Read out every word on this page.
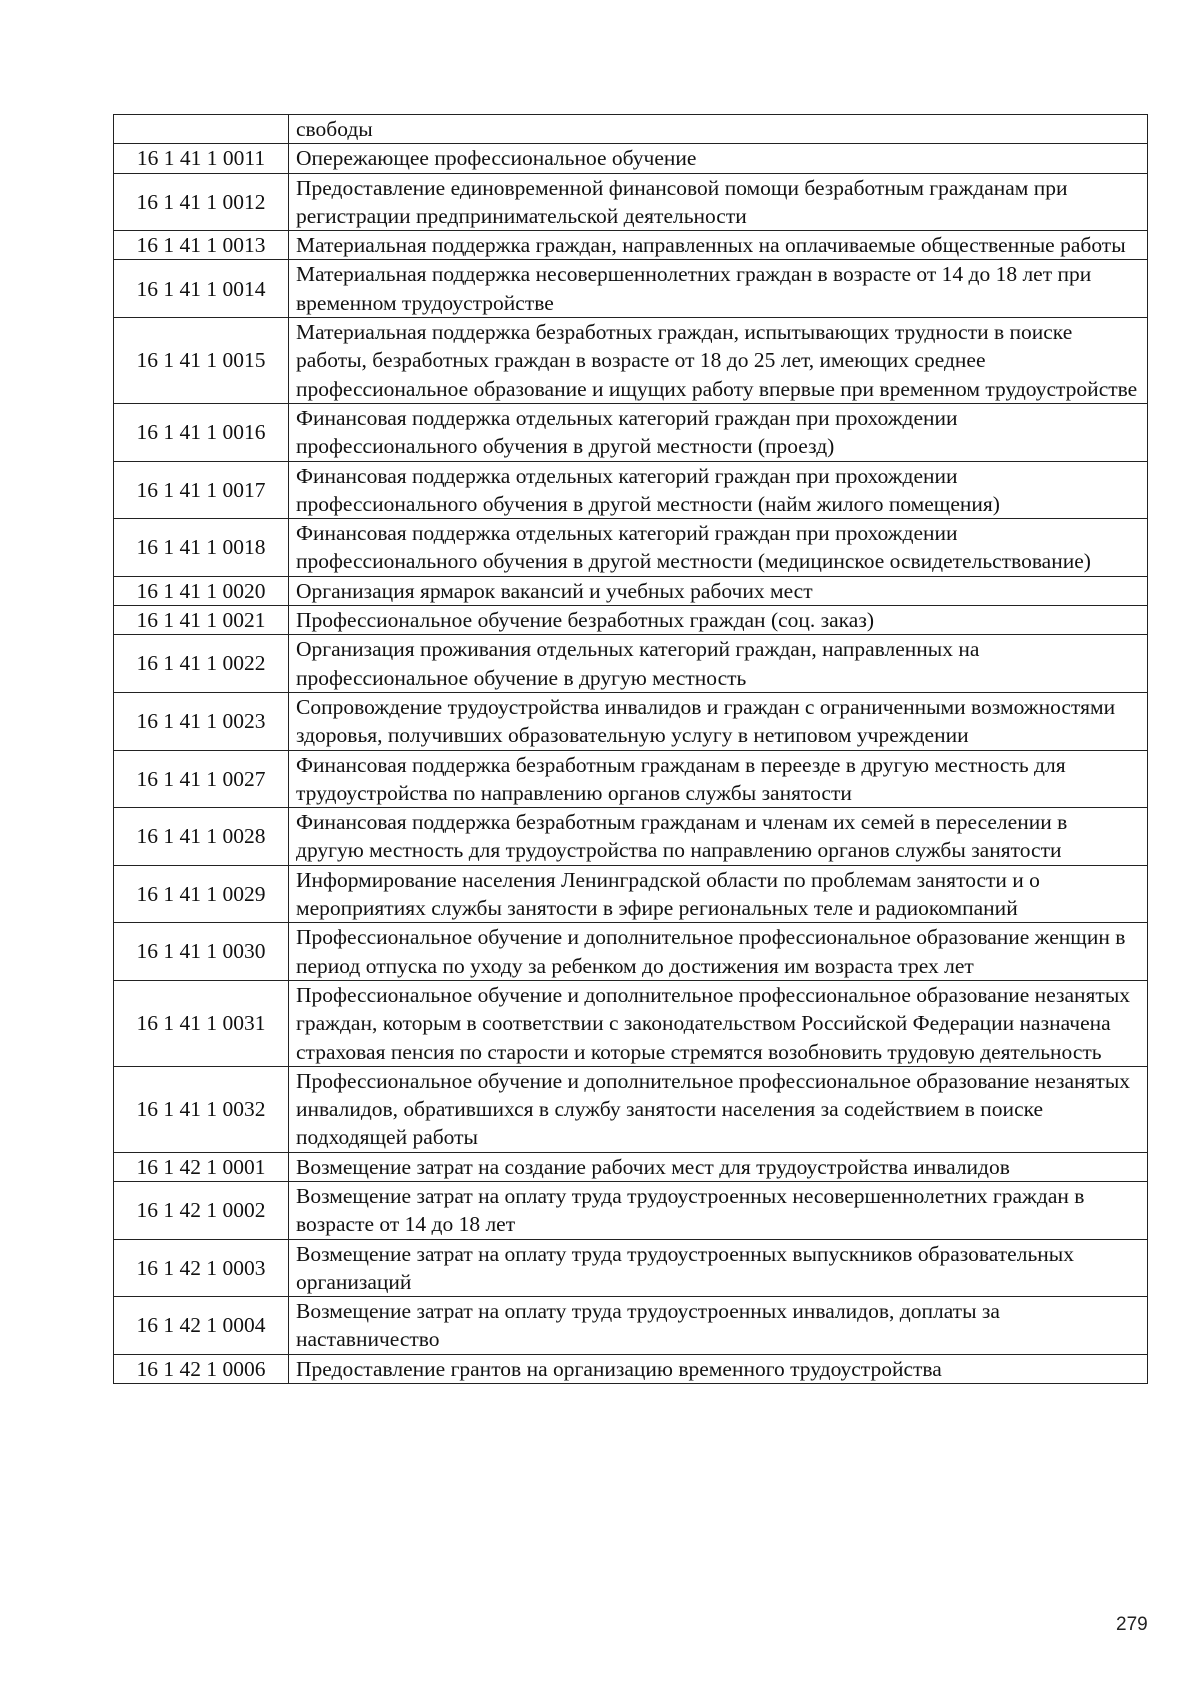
	свободы
16 1 41 1 0011	Опережающее профессиональное обучение
16 1 41 1 0012	Предоставление единовременной финансовой помощи безработным гражданам при регистрации предпринимательской деятельности
16 1 41 1 0013	Материальная поддержка граждан, направленных на оплачиваемые общественные работы
16 1 41 1 0014	Материальная поддержка несовершеннолетних граждан в возрасте от 14 до 18 лет при временном трудоустройстве
16 1 41 1 0015	Материальная поддержка безработных граждан, испытывающих трудности в поиске работы, безработных граждан в возрасте от 18 до 25 лет, имеющих среднее профессиональное образование и ищущих работу впервые при временном трудоустройстве
16 1 41 1 0016	Финансовая поддержка отдельных категорий граждан при прохождении профессионального обучения в другой местности (проезд)
16 1 41 1 0017	Финансовая поддержка отдельных категорий граждан при прохождении профессионального обучения в другой местности (найм жилого помещения)
16 1 41 1 0018	Финансовая поддержка отдельных категорий граждан при прохождении профессионального обучения в другой местности (медицинское освидетельствование)
16 1 41 1 0020	Организация ярмарок вакансий и учебных рабочих мест
16 1 41 1 0021	Профессиональное обучение безработных граждан (соц. заказ)
16 1 41 1 0022	Организация проживания отдельных категорий граждан, направленных на профессиональное обучение в другую местность
16 1 41 1 0023	Сопровождение трудоустройства инвалидов и граждан с ограниченными возможностями здоровья, получивших образовательную услугу в нетиповом учреждении
16 1 41 1 0027	Финансовая поддержка безработным гражданам в переезде в другую местность для трудоустройства по направлению органов службы занятости
16 1 41 1 0028	Финансовая поддержка безработным гражданам и членам их семей в переселении в другую местность для трудоустройства по направлению органов службы занятости
16 1 41 1 0029	Информирование населения Ленинградской области по проблемам занятости и о мероприятиях службы занятости в эфире региональных теле и радиокомпаний
16 1 41 1 0030	Профессиональное обучение и дополнительное профессиональное образование женщин в период отпуска по уходу за ребенком до достижения им возраста трех лет
16 1 41 1 0031	Профессиональное обучение и дополнительное профессиональное образование незанятых граждан, которым в соответствии с законодательством Российской Федерации назначена страховая пенсия по старости и которые стремятся возобновить трудовую деятельность
16 1 41 1 0032	Профессиональное обучение и дополнительное профессиональное образование незанятых инвалидов, обратившихся в службу занятости населения за содействием в поиске подходящей работы
16 1 42 1 0001	Возмещение затрат на создание рабочих мест для трудоустройства инвалидов
16 1 42 1 0002	Возмещение затрат на оплату труда трудоустроенных несовершеннолетних граждан в возрасте от 14 до 18 лет
16 1 42 1 0003	Возмещение затрат на оплату труда трудоустроенных выпускников образовательных организаций
16 1 42 1 0004	Возмещение затрат на оплату труда трудоустроенных инвалидов, доплаты за наставничество
16 1 42 1 0006	Предоставление грантов на организацию временного трудоустройства
279
